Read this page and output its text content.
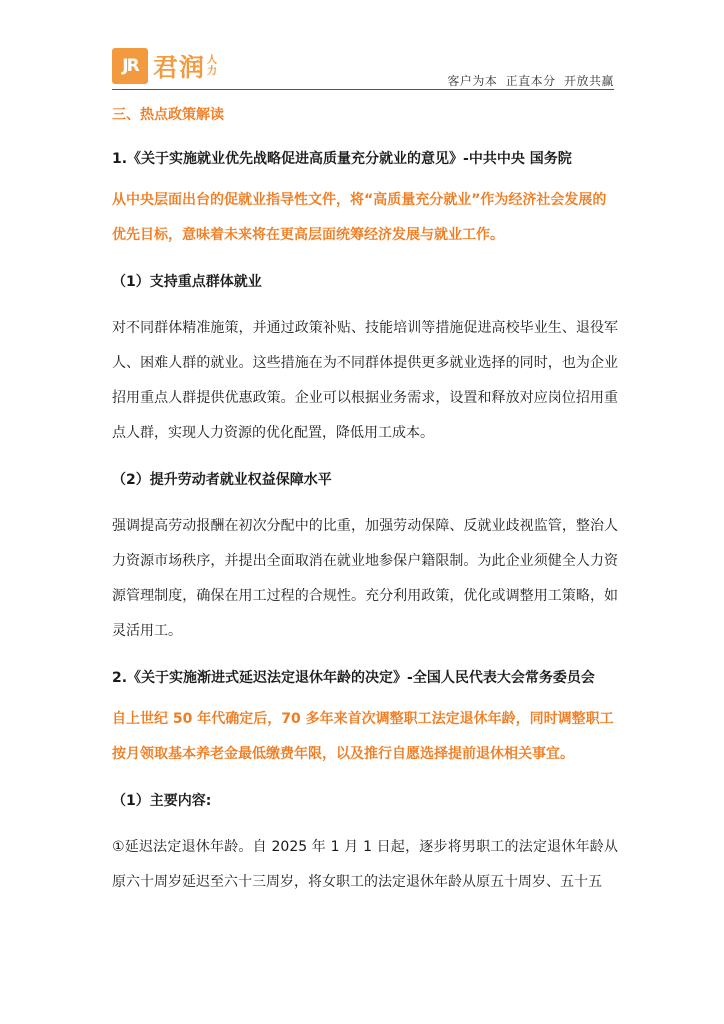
JR 君润 人力
客户为本 正直本分 开放共赢
三、热点政策解读
1.《关于实施就业优先战略促进高质量充分就业的意见》-中共中央 国务院
从中央层面出台的促就业指导性文件，将“高质量充分就业”作为经济社会发展的优先目标，意味着未来将在更高层面统筹经济发展与就业工作。
（1）支持重点群体就业
对不同群体精准施策，并通过政策补贴、技能培训等措施促进高校毕业生、退役军人、困难人群的就业。这些措施在为不同群体提供更多就业选择的同时，也为企业招用重点人群提供优惠政策。企业可以根据业务需求，设置和释放对应岗位招用重点人群，实现人力资源的优化配置，降低用工成本。
（2）提升劳动者就业权益保障水平
强调提高劳动报酬在初次分配中的比重，加强劳动保障、反就业歧视监管，整治人力资源市场秩序，并提出全面取消在就业地参保户籍限制。为此企业须健全人力资源管理制度，确保在用工过程的合规性。充分利用政策，优化或调整用工策略，如灵活用工。
2.《关于实施渐进式延迟法定退休年龄的决定》-全国人民代表大会常务委员会
自上世纪 50 年代确定后，70 多年来首次调整职工法定退休年龄，同时调整职工按月领取基本养老金最低缴费年限，以及推行自愿选择提前退休相关事宜。
（1）主要内容:
①延迟法定退休年龄。自 2025 年 1 月 1 日起，逐步将男职工的法定退休年龄从原六十周岁延迟至六十三周岁，将女职工的法定退休年龄从原五十周岁、五十五
